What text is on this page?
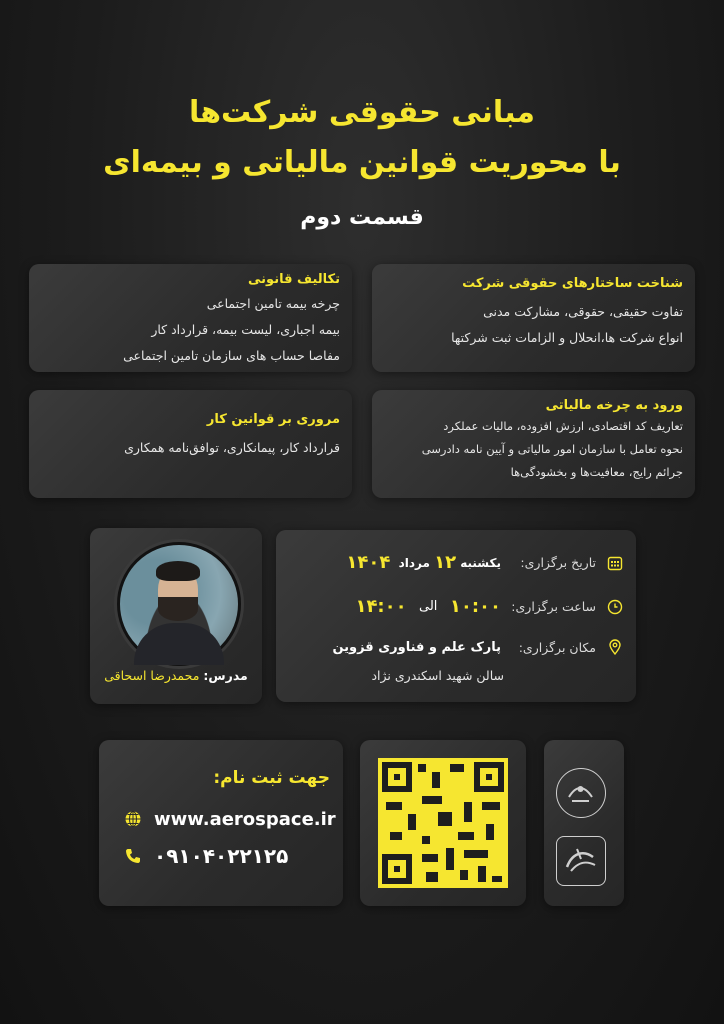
مبانی حقوقی شرکت‌ها
با محوریت قوانین مالیاتی و بیمه‌ای
قسمت دوم
شناخت ساختارهای حقوقی شرکت
تفاوت حقیقی، حقوقی، مشارکت مدنی
انواع شرکت ها،انحلال و الزامات ثبت شرکتها
تکالیف قانونی
چرخه بیمه تامین اجتماعی
بیمه اجباری، لیست بیمه، قرارداد کار
مفاصا حساب های سازمان تامین اجتماعی
ورود به چرخه مالیاتی
تعاریف کد اقتصادی، ارزش افزوده، مالیات عملکرد
نحوه تعامل با سازمان امور مالیاتی و آیین نامه دادرسی
جرائم رایج، معافیت‌ها و بخشودگی‌ها
مروری بر قوانین کار
قرارداد کار، پیمانکاری، توافق‌نامه همکاری
مدرس: محمدرضا اسحاقی
تاریخ برگزاری:
یکشنبه

۱۲

مرداد

۱۴۰۴
ساعت برگزاری:
۱۰:۰۰

الی

۱۴:۰۰
مکان برگزاری:
پارک علم و فناوری قزوین
سالن شهید اسکندری نژاد
جهت ثبت نام:
www.aerospace.ir
۰۹۱۰۴۰۲۲۱۲۵
